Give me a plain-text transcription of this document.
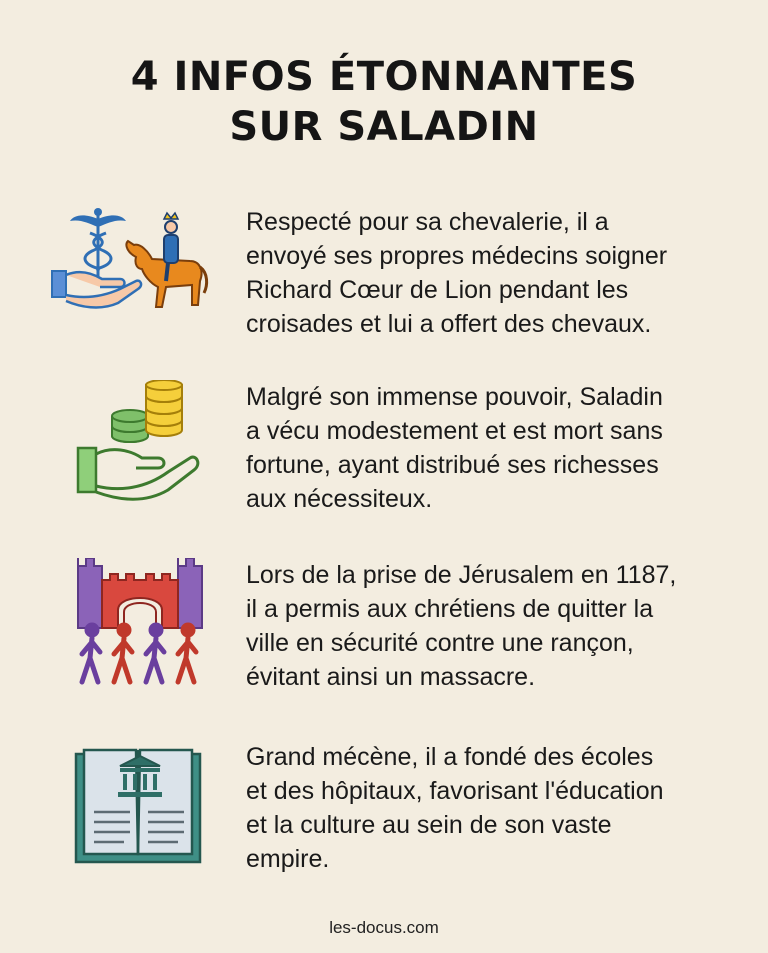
4 INFOS ÉTONNANTES
SUR SALADIN
Respecté pour sa chevalerie, il a
envoyé ses propres médecins soigner
Richard Cœur de Lion pendant les
croisades et lui a offert des chevaux.
Malgré son immense pouvoir, Saladin
a vécu modestement et est mort sans
fortune, ayant distribué ses richesses
aux nécessiteux.
Lors de la prise de Jérusalem en 1187,
il a permis aux chrétiens de quitter la
ville en sécurité contre une rançon,
évitant ainsi un massacre.
Grand mécène, il a fondé des écoles
et des hôpitaux, favorisant l'éducation
et la culture au sein de son vaste
empire.
les-docus.com
